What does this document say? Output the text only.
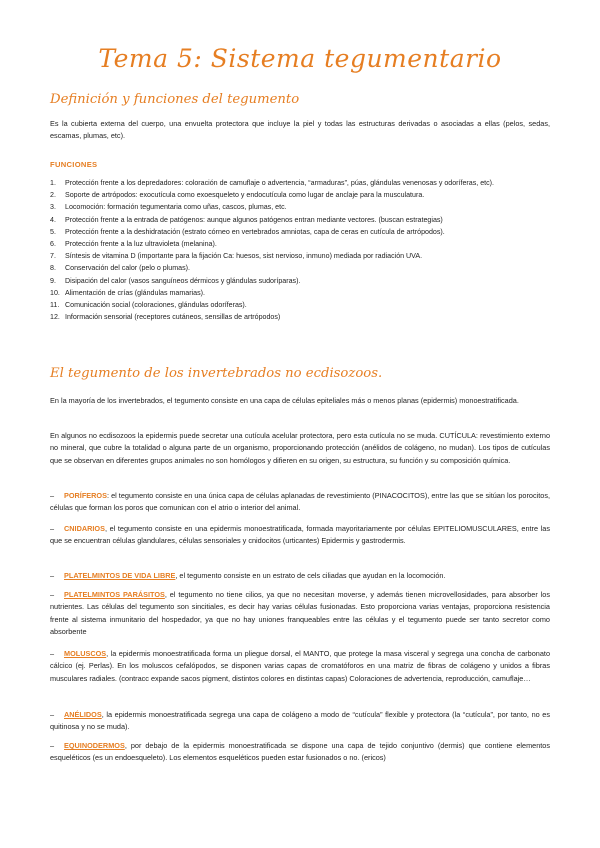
Tema 5: Sistema tegumentario
Definición y funciones del tegumento
Es la cubierta externa del cuerpo, una envuelta protectora que incluye la piel y todas las estructuras derivadas o asociadas a ellas (pelos, sedas, escamas, plumas, etc).
FUNCIONES
1. Protección frente a los depredadores: coloración de camuflaje o advertencia, “armaduras”, púas, glándulas venenosas y odoríferas, etc).
2. Soporte de artrópodos: exocutícula como exoesqueleto y endocutícula como lugar de anclaje para la musculatura.
3. Locomoción: formación tegumentaria como uñas, cascos, plumas, etc.
4. Protección frente a la entrada de patógenos: aunque algunos patógenos entran mediante vectores. (buscan estrategias)
5. Protección frente a la deshidratación (estrato córneo en vertebrados amniotas, capa de ceras en cutícula de artrópodos).
6. Protección frente a la luz ultravioleta (melanina).
7. Síntesis de vitamina D (importante para la fijación Ca: huesos, sist nervioso, inmuno) mediada por radiación UVA.
8. Conservación del calor (pelo o plumas).
9. Disipación del calor (vasos sanguíneos dérmicos y glándulas sudoríparas).
10. Alimentación de crías (glándulas mamarias).
11. Comunicación social (coloraciones, glándulas odoríferas).
12. Información sensorial (receptores cutáneos, sensillas de artrópodos)
El tegumento de los invertebrados no ecdisozoos.
En la mayoría de los invertebrados, el tegumento consiste en una capa de células epiteliales más o menos planas (epidermis) monoestratificada.
En algunos no ecdisozoos la epidermis puede secretar una cutícula acelular protectora, pero esta cutícula no se muda. CUTÍCULA: revestimiento externo no mineral, que cubre la totalidad o alguna parte de un organismo, proporcionando protección (anélidos de colágeno, no mudan). Los tipos de cutículas que se observan en diferentes grupos animales no son homólogos y difieren en su origen, su estructura, su función y su composición química.
– PORÍFEROS: el tegumento consiste en una única capa de células aplanadas de revestimiento (PINACOCITOS), entre las que se sitúan los porocitos, células que forman los poros que comunican con el atrio o interior del animal.
– CNIDARIOS, el tegumento consiste en una epidermis monoestratificada, formada mayoritariamente por células EPITELIOMUSCULARES, entre las que se encuentran células glandulares, células sensoriales y cnidocitos (urticantes) Epidermis y gastrodermis.
– PLATELMINTOS DE VIDA LIBRE, el tegumento consiste en un estrato de cels ciliadas que ayudan en la locomoción.
– PLATELMINTOS PARÁSITOS, el tegumento no tiene cilios, ya que no necesitan moverse, y además tienen microvellosidades, para absorber los nutrientes. Las células del tegumento son sincitiales, es decir hay varias células fusionadas. Esto proporciona varias ventajas, proporciona resistencia frente al sistema inmunitario del hospedador, ya que no hay uniones franqueables entre las células y el tegumento puede ser tanto secretor como absorbente
– MOLUSCOS, la epidermis monoestratificada forma un pliegue dorsal, el MANTO, que protege la masa visceral y segrega una concha de carbonato cálcico (ej. Perlas). En los moluscos cefalópodos, se disponen varias capas de cromatóforos en una matriz de fibras de colágeno y unidos a fibras musculares radiales. (contracc expande sacos pigment, distintos colores en distintas capas) Coloraciones de advertencia, reproducción, camuflaje…
– ANÉLIDOS, la epidermis monoestratificada segrega una capa de colágeno a modo de “cutícula” flexible y protectora (la “cutícula”, por tanto, no es quitinosa y no se muda).
– EQUINODERMOS, por debajo de la epidermis monoestratificada se dispone una capa de tejido conjuntivo (dermis) que contiene elementos esqueléticos (es un endoesqueleto). Los elementos esqueléticos pueden estar fusionados o no. (ericos)
